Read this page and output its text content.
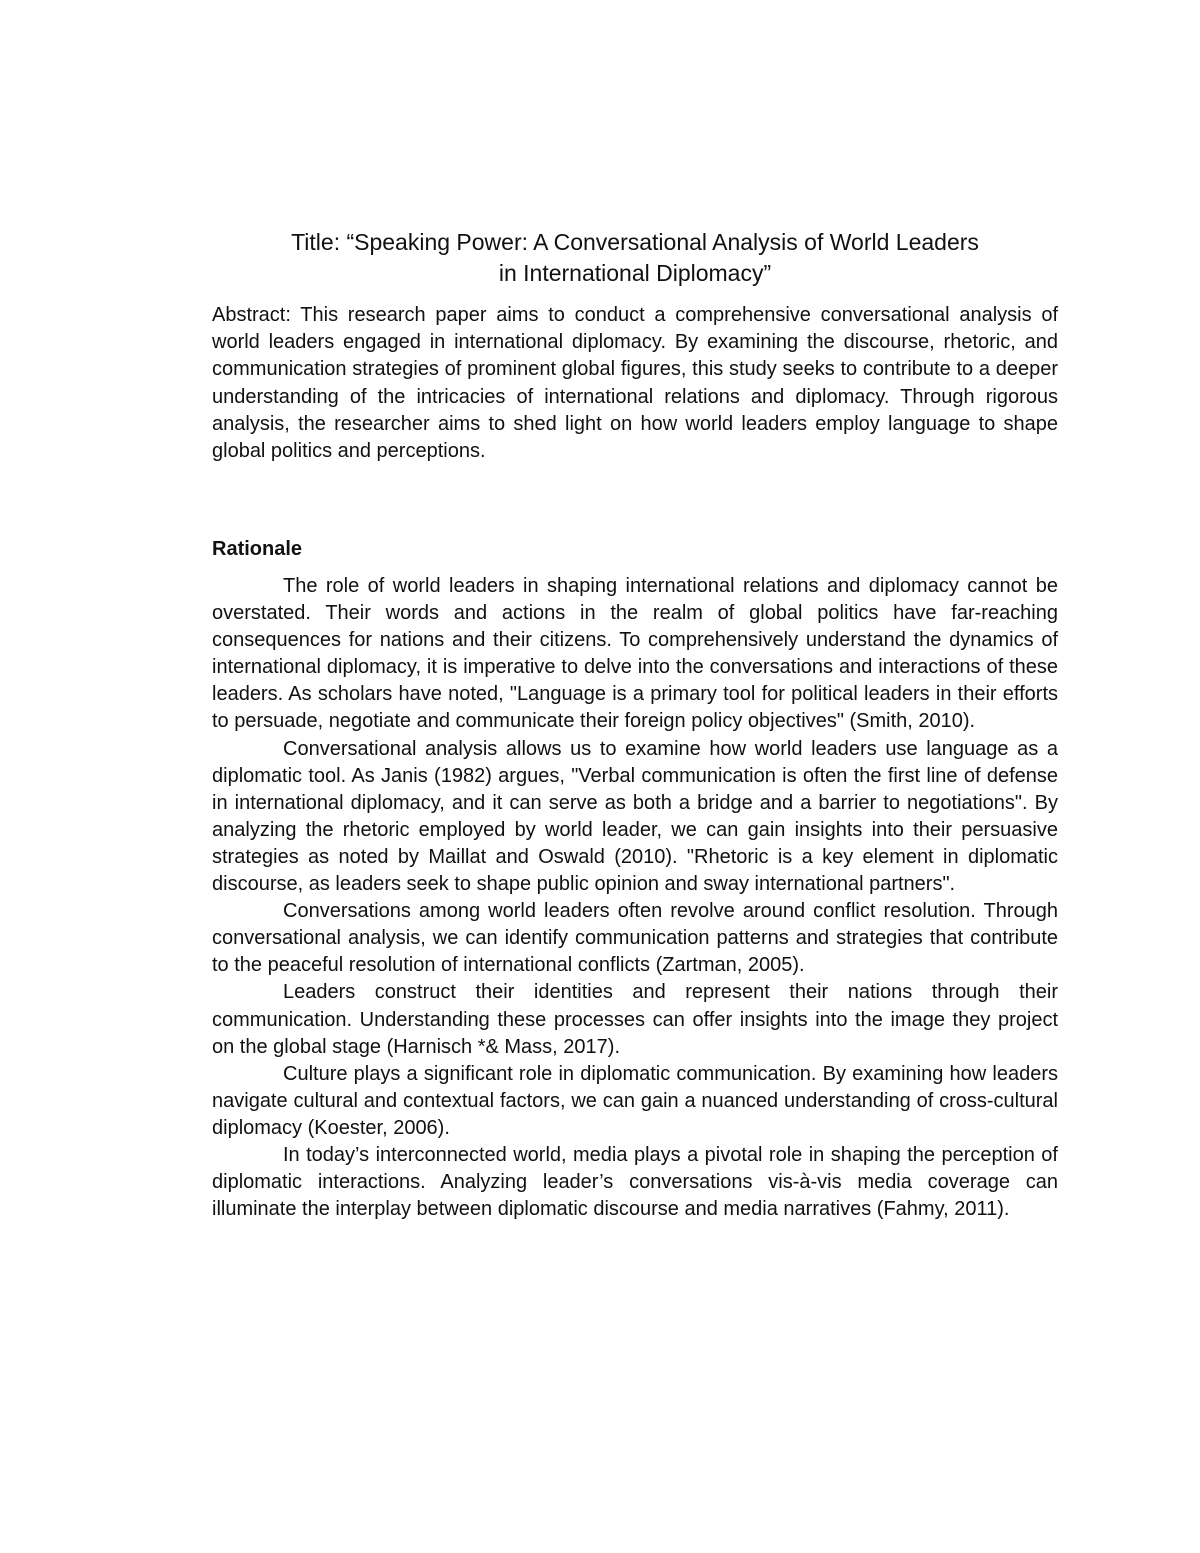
Title: “Speaking Power: A Conversational Analysis of World Leaders
in International Diplomacy”
Abstract: This research paper aims to conduct a comprehensive conversational analysis of world leaders engaged in international diplomacy. By examining the discourse, rhetoric, and communication strategies of prominent global figures, this study seeks to contribute to a deeper understanding of the intricacies of international relations and diplomacy. Through rigorous analysis, the researcher aims to shed light on how world leaders employ language to shape global politics and perceptions.
Rationale

The role of world leaders in shaping international relations and diplomacy cannot be overstated. Their words and actions in the realm of global politics have far-reaching consequences for nations and their citizens. To comprehensively understand the dynamics of international diplomacy, it is imperative to delve into the conversations and interactions of these leaders. As scholars have noted, "Language is a primary tool for political leaders in their efforts to persuade, negotiate and communicate their foreign policy objectives" (Smith, 2010).

Conversational analysis allows us to examine how world leaders use language as a diplomatic tool. As Janis (1982) argues, "Verbal communication is often the first line of defense in international diplomacy, and it can serve as both a bridge and a barrier to negotiations". By analyzing the rhetoric employed by world leader, we can gain insights into their persuasive strategies as noted by Maillat and Oswald (2010). "Rhetoric is a key element in diplomatic discourse, as leaders seek to shape public opinion and sway international partners".

Conversations among world leaders often revolve around conflict resolution. Through conversational analysis, we can identify communication patterns and strategies that contribute to the peaceful resolution of international conflicts (Zartman, 2005).

Leaders construct their identities and represent their nations through their communication. Understanding these processes can offer insights into the image they project on the global stage (Harnisch *& Mass, 2017).

Culture plays a significant role in diplomatic communication. By examining how leaders navigate cultural and contextual factors, we can gain a nuanced understanding of cross-cultural diplomacy (Koester, 2006).

In today’s interconnected world, media plays a pivotal role in shaping the perception of diplomatic interactions. Analyzing leader’s conversations vis-à-vis media coverage can illuminate the interplay between diplomatic discourse and media narratives (Fahmy, 2011).
